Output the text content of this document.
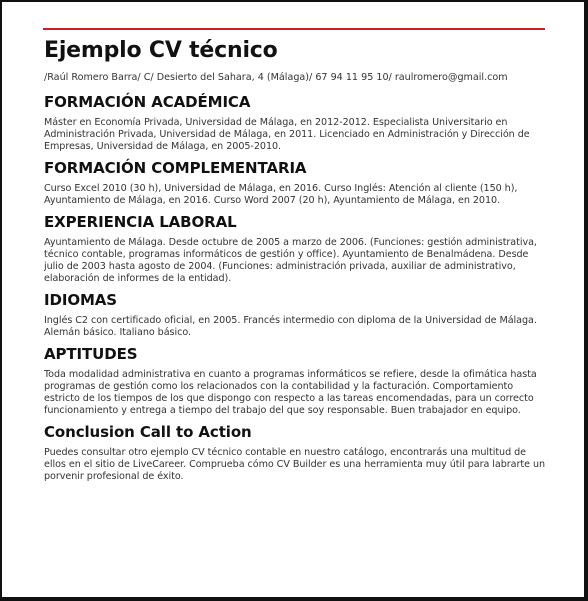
Ejemplo CV técnico
/Raúl Romero Barra/ C/ Desierto del Sahara, 4 (Málaga)/ 67 94 11 95 10/ raulromero@gmail.com
FORMACIÓN ACADÉMICA
Máster en Economía Privada, Universidad de Málaga, en 2012-2012. Especialista Universitario en Administración Privada, Universidad de Málaga, en 2011. Licenciado en Administración y Dirección de Empresas, Universidad de Málaga, en 2005-2010.
FORMACIÓN COMPLEMENTARIA
Curso Excel 2010 (30 h), Universidad de Málaga, en 2016. Curso Inglés: Atención al cliente (150 h), Ayuntamiento de Málaga, en 2016. Curso Word 2007 (20 h), Ayuntamiento de Málaga, en 2010.
EXPERIENCIA LABORAL
Ayuntamiento de Málaga. Desde octubre de 2005 a marzo de 2006. (Funciones: gestión administrativa, técnico contable, programas informáticos de gestión y office). Ayuntamiento de Benalmádena. Desde julio de 2003 hasta agosto de 2004. (Funciones: administración privada, auxiliar de administrativo, elaboración de informes de la entidad).
IDIOMAS
Inglés C2 con certificado oficial, en 2005. Francés intermedio con diploma de la Universidad de Málaga. Alemán básico. Italiano básico.
APTITUDES
Toda modalidad administrativa en cuanto a programas informáticos se refiere, desde la ofimática hasta programas de gestión como los relacionados con la contabilidad y la facturación. Comportamiento estricto de los tiempos de los que dispongo con respecto a las tareas encomendadas, para un correcto funcionamiento y entrega a tiempo del trabajo del que soy responsable. Buen trabajador en equipo.
Conclusion Call to Action
Puedes consultar otro ejemplo CV técnico contable en nuestro catálogo, encontrarás una multitud de ellos en el sitio de LiveCareer. Comprueba cómo CV Builder es una herramienta muy útil para labrarte un porvenir profesional de éxito.
